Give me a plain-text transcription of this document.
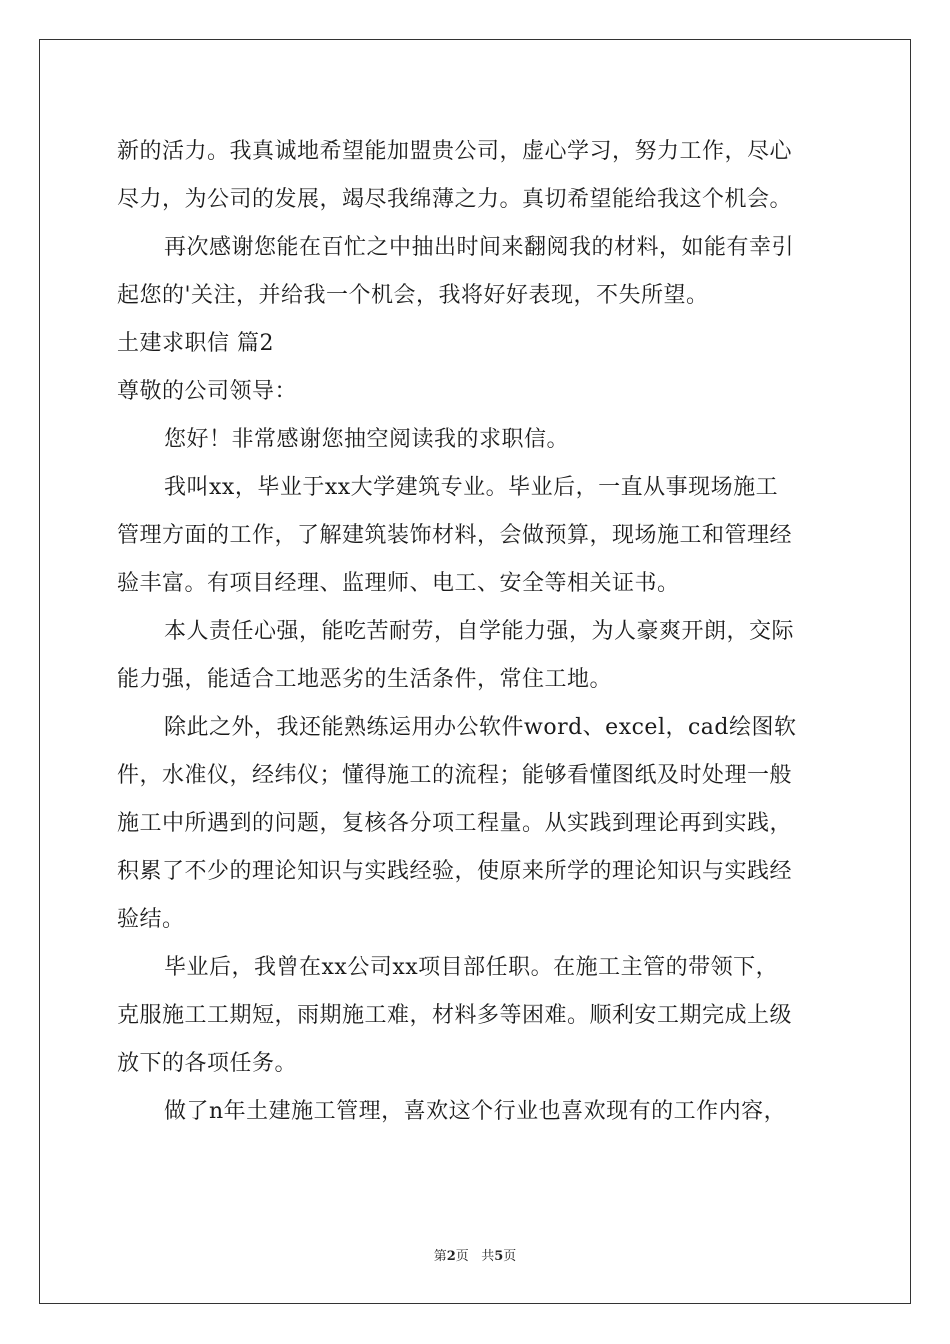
新的活力。我真诚地希望能加盟贵公司，虚心学习，努力工作，尽心
尽力，为公司的发展，竭尽我绵薄之力。真切希望能给我这个机会。
再次感谢您能在百忙之中抽出时间来翻阅我的材料，如能有幸引
起您的'关注，并给我一个机会，我将好好表现，不失所望。
土建求职信 篇2
尊敬的公司领导：
您好！非常感谢您抽空阅读我的求职信。
我叫xx，毕业于xx大学建筑专业。毕业后，一直从事现场施工
管理方面的工作，了解建筑装饰材料，会做预算，现场施工和管理经
验丰富。有项目经理、监理师、电工、安全等相关证书。
本人责任心强，能吃苦耐劳，自学能力强，为人豪爽开朗，交际
能力强，能适合工地恶劣的生活条件，常住工地。
除此之外，我还能熟练运用办公软件word、excel，cad绘图软
件，水准仪，经纬仪；懂得施工的流程；能够看懂图纸及时处理一般
施工中所遇到的问题，复核各分项工程量。从实践到理论再到实践，
积累了不少的理论知识与实践经验，使原来所学的理论知识与实践经
验结。
毕业后，我曾在xx公司xx项目部任职。在施工主管的带领下，
克服施工工期短，雨期施工难，材料多等困难。顺利安工期完成上级
放下的各项任务。
做了n年土建施工管理，喜欢这个行业也喜欢现有的工作内容，
第2页 共5页
